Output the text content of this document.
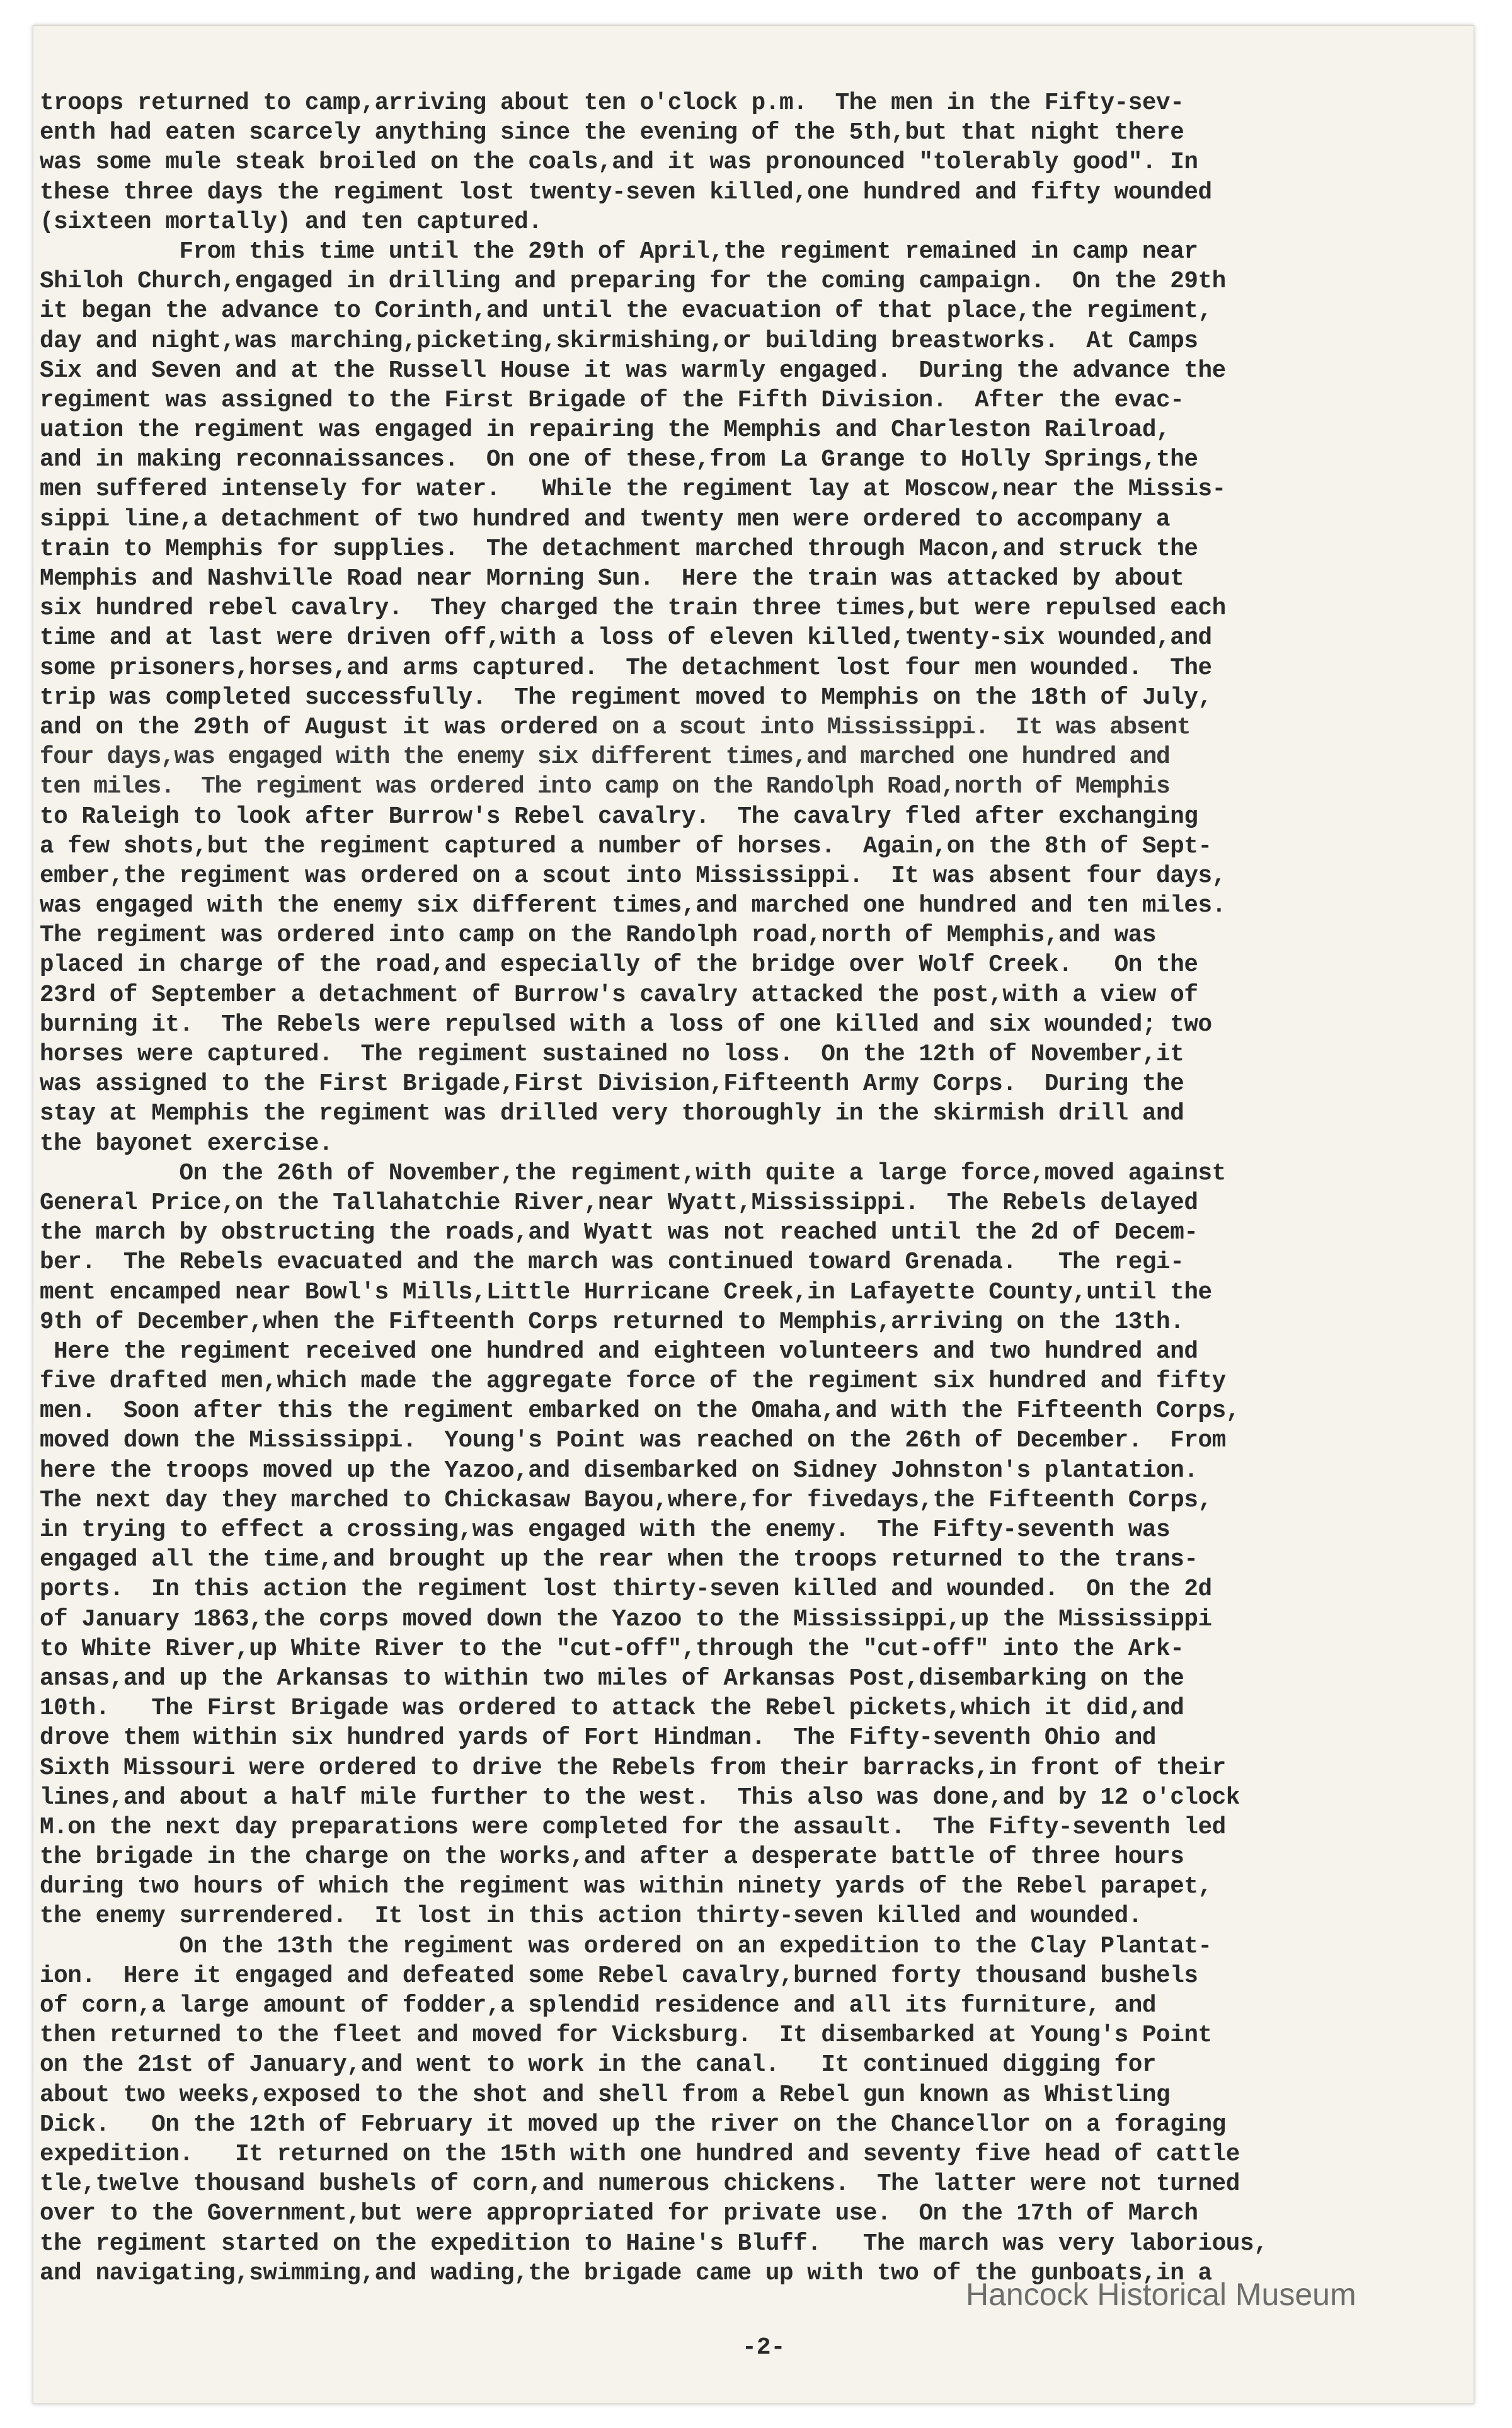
troops returned to camp,arriving about ten o'clock p.m.  The men in the Fifty-sev-
enth had eaten scarcely anything since the evening of the 5th,but that night there
was some mule steak broiled on the coals,and it was pronounced "tolerably good". In
these three days the regiment lost twenty-seven killed,one hundred and fifty wounded
(sixteen mortally) and ten captured.
From this time until the 29th of April,the regiment remained in camp near
Shiloh Church,engaged in drilling and preparing for the coming campaign.  On the 29th
it began the advance to Corinth,and until the evacuation of that place,the regiment,
day and night,was marching,picketing,skirmishing,or building breastworks.  At Camps
Six and Seven and at the Russell House it was warmly engaged.  During the advance the
regiment was assigned to the First Brigade of the Fifth Division.  After the evac-
uation the regiment was engaged in repairing the Memphis and Charleston Railroad,
and in making reconnaissances.  On one of these,from La Grange to Holly Springs,the
men suffered intensely for water.   While the regiment lay at Moscow,near the Missis-
sippi line,a detachment of two hundred and twenty men were ordered to accompany a
train to Memphis for supplies.  The detachment marched through Macon,and struck the
Memphis and Nashville Road near Morning Sun.  Here the train was attacked by about
six hundred rebel cavalry.  They charged the train three times,but were repulsed each
time and at last were driven off,with a loss of eleven killed,twenty-six wounded,and
some prisoners,horses,and arms captured.  The detachment lost four men wounded.  The
trip was completed successfully.  The regiment moved to Memphis on the 18th of July,
and on the 29th of August it was ordered on a scout into Mississippi.  It was absent
four days,was engaged with the enemy six different times,and marched one hundred and
ten miles.  The regiment was ordered into camp on the Randolph Road,north of Memphis
to Raleigh to look after Burrow's Rebel cavalry.  The cavalry fled after exchanging
a few shots,but the regiment captured a number of horses.  Again,on the 8th of Sept-
ember,the regiment was ordered on a scout into Mississippi.  It was absent four days,
was engaged with the enemy six different times,and marched one hundred and ten miles.
The regiment was ordered into camp on the Randolph road,north of Memphis,and was
placed in charge of the road,and especially of the bridge over Wolf Creek.   On the
23rd of September a detachment of Burrow's cavalry attacked the post,with a view of
burning it.  The Rebels were repulsed with a loss of one killed and six wounded; two
horses were captured.  The regiment sustained no loss.  On the 12th of November,it
was assigned to the First Brigade,First Division,Fifteenth Army Corps.  During the
stay at Memphis the regiment was drilled very thoroughly in the skirmish drill and
the bayonet exercise.
On the 26th of November,the regiment,with quite a large force,moved against
General Price,on the Tallahatchie River,near Wyatt,Mississippi.  The Rebels delayed
the march by obstructing the roads,and Wyatt was not reached until the 2d of Decem-
ber.  The Rebels evacuated and the march was continued toward Grenada.   The regi-
ment encamped near Bowl's Mills,Little Hurricane Creek,in Lafayette County,until the
9th of December,when the Fifteenth Corps returned to Memphis,arriving on the 13th.
Here the regiment received one hundred and eighteen volunteers and two hundred and
five drafted men,which made the aggregate force of the regiment six hundred and fifty
men.  Soon after this the regiment embarked on the Omaha,and with the Fifteenth Corps,
moved down the Mississippi.  Young's Point was reached on the 26th of December.  From
here the troops moved up the Yazoo,and disembarked on Sidney Johnston's plantation.
The next day they marched to Chickasaw Bayou,where,for fivedays,the Fifteenth Corps,
in trying to effect a crossing,was engaged with the enemy.  The Fifty-seventh was
engaged all the time,and brought up the rear when the troops returned to the trans-
ports.  In this action the regiment lost thirty-seven killed and wounded.  On the 2d
of January 1863,the corps moved down the Yazoo to the Mississippi,up the Mississippi
to White River,up White River to the "cut-off",through the "cut-off" into the Ark-
ansas,and up the Arkansas to within two miles of Arkansas Post,disembarking on the
10th.   The First Brigade was ordered to attack the Rebel pickets,which it did,and
drove them within six hundred yards of Fort Hindman.  The Fifty-seventh Ohio and
Sixth Missouri were ordered to drive the Rebels from their barracks,in front of their
lines,and about a half mile further to the west.  This also was done,and by 12 o'clock
M.on the next day preparations were completed for the assault.  The Fifty-seventh led
the brigade in the charge on the works,and after a desperate battle of three hours
during two hours of which the regiment was within ninety yards of the Rebel parapet,
the enemy surrendered.  It lost in this action thirty-seven killed and wounded.
On the 13th the regiment was ordered on an expedition to the Clay Plantat-
ion.  Here it engaged and defeated some Rebel cavalry,burned forty thousand bushels
of corn,a large amount of fodder,a splendid residence and all its furniture, and
then returned to the fleet and moved for Vicksburg.  It disembarked at Young's Point
on the 21st of January,and went to work in the canal.   It continued digging for
about two weeks,exposed to the shot and shell from a Rebel gun known as Whistling
Dick.   On the 12th of February it moved up the river on the Chancellor on a foraging
expedition.   It returned on the 15th with one hundred and seventy five head of cattle
tle,twelve thousand bushels of corn,and numerous chickens.  The latter were not turned
over to the Government,but were appropriated for private use.  On the 17th of March
the regiment started on the expedition to Haine's Bluff.   The march was very laborious,
and navigating,swimming,and wading,the brigade came up with two of the gunboats,in a
-2-
Hancock Historical Museum
